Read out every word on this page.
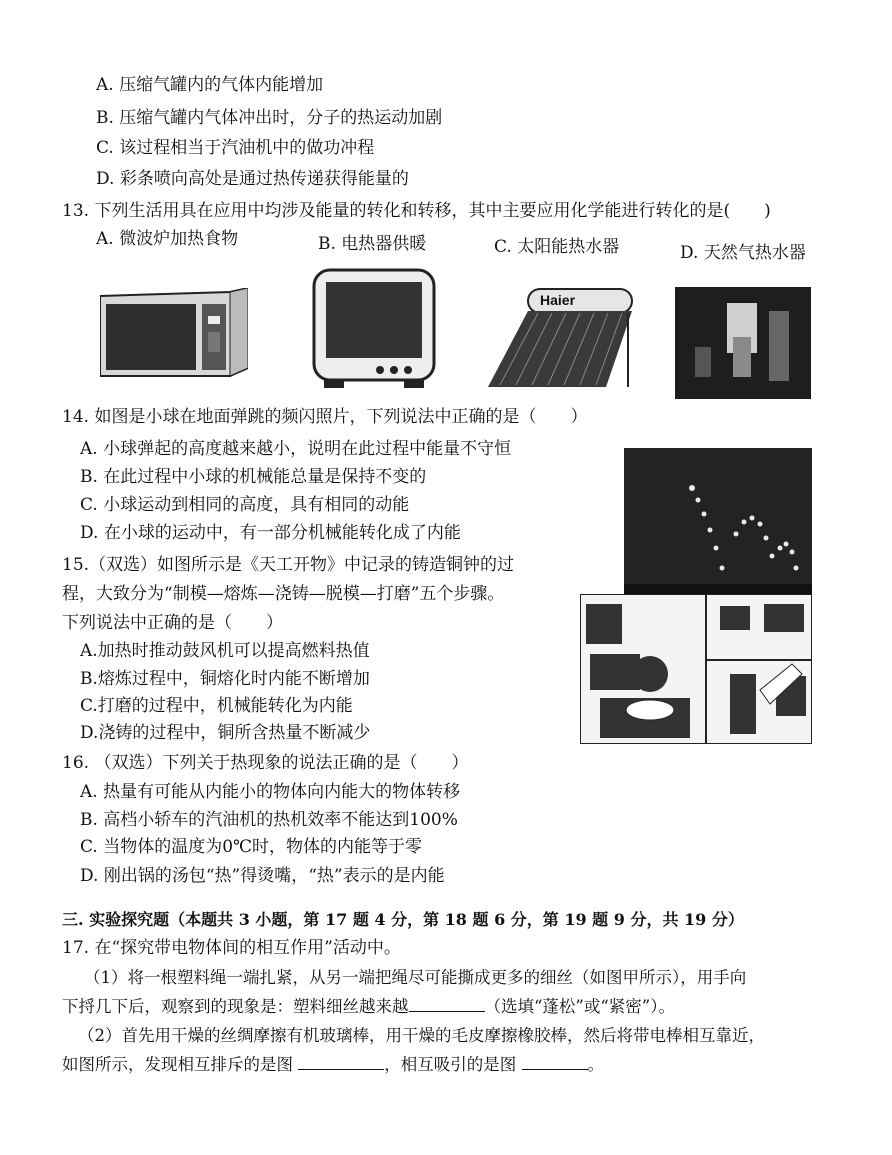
A. 压缩气罐内的气体内能增加
B. 压缩气罐内气体冲出时，分子的热运动加剧
C. 该过程相当于汽油机中的做功冲程
D. 彩条喷向高处是通过热传递获得能量的
13. 下列生活用具在应用中均涉及能量的转化和转移，其中主要应用化学能进行转化的是(　　)
A. 微波炉加热食物	B. 电热器供暖	C. 太阳能热水器	D. 天然气热水器
Haier
14. 如图是小球在地面弹跳的频闪照片，下列说法中正确的是（　　）
A. 小球弹起的高度越来越小，说明在此过程中能量不守恒
B. 在此过程中小球的机械能总量是保持不变的
C. 小球运动到相同的高度，具有相同的动能
D. 在小球的运动中，有一部分机械能转化成了内能
15.（双选）如图所示是《天工开物》中记录的铸造铜钟的过
程，大致分为“制模—熔炼—浇铸—脱模—打磨”五个步骤。
下列说法中正确的是（　　）
A.加热时推动鼓风机可以提高燃料热值
B.熔炼过程中，铜熔化时内能不断增加
C.打磨的过程中，机械能转化为内能
D.浇铸的过程中，铜所含热量不断减少
16. （双选）下列关于热现象的说法正确的是（　　）
A. 热量有可能从内能小的物体向内能大的物体转移
B. 高档小轿车的汽油机的热机效率不能达到100%
C. 当物体的温度为0℃时，物体的内能等于零
D. 刚出锅的汤包“热”得烫嘴，“热”表示的是内能
三. 实验探究题（本题共 3 小题，第 17 题 4 分，第 18 题 6 分，第 19 题 9 分，共 19 分）
17. 在“探究带电物体间的相互作用”活动中。
（1）将一根塑料绳一端扎紧，从另一端把绳尽可能撕成更多的细丝（如图甲所示），用手向
下捋几下后，观察到的现象是：塑料细丝越来越	（选填“蓬松”或“紧密”）。
（2）首先用干燥的丝绸摩擦有机玻璃棒，用干燥的毛皮摩擦橡胶棒，然后将带电棒相互靠近，
如图所示，发现相互排斥的是图	，相互吸引的是图	。
